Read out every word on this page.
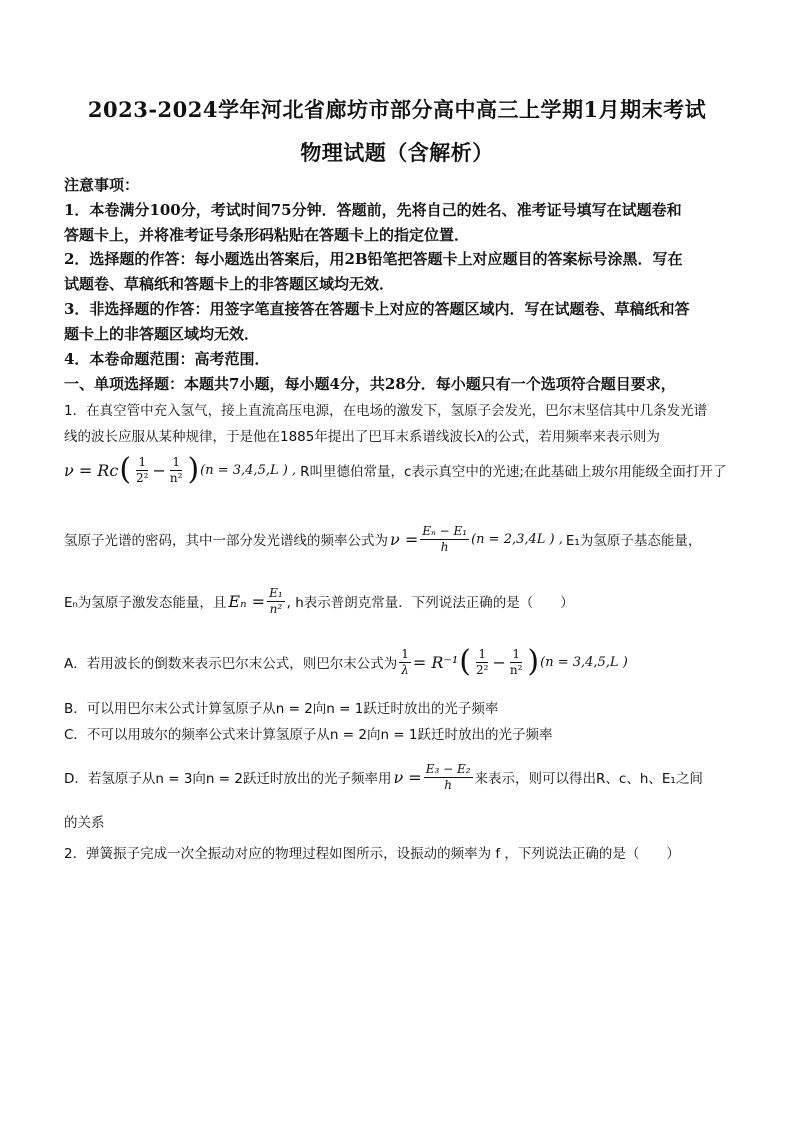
2023-2024学年河北省廊坊市部分高中高三上学期1月期末考试
物理试题（含解析）
注意事项：
1．本卷满分100分，考试时间75分钟．答题前，先将自己的姓名、准考证号填写在试题卷和
答题卡上，并将准考证号条形码粘贴在答题卡上的指定位置．
2．选择题的作答：每小题选出答案后，用2B铅笔把答题卡上对应题目的答案标号涂黑．写在
试题卷、草稿纸和答题卡上的非答题区域均无效．
3．非选择题的作答：用签字笔直接答在答题卡上对应的答题区域内．写在试题卷、草稿纸和答
题卡上的非答题区域均无效．
4．本卷命题范围：高考范围．
一、单项选择题：本题共7小题，每小题4分，共28分．每小题只有一个选项符合题目要求，
1．在真空管中充入氢气，接上直流高压电源，在电场的激发下，氢原子会发光，巴尔末坚信其中几条发光谱
线的波长应服从某种规律，于是他在1885年提出了巴耳末系谱线波长λ的公式，若用频率来表示则为
ν = Rc ( $\frac{1}{\text{2²}} - \frac{1}{\text{n²}}$ ) (n = 3,4,5,L ) , R叫里德伯常量，c表示真空中的光速;在此基础上玻尔用能级全面打开了
氢原子光谱的密码，其中一部分发光谱线的频率公式为 $\nu = \frac{\text{Eₙ − E₁}}{h} (n = 2,3,4L$ ) , E₁为氢原子基态能量，
Eₙ为氢原子激发态能量，且 $E_n = \frac{\text{E₁}}{\text{n²}}$ , h表示普朗克常量．下列说法正确的是（　　）
A．若用波长的倒数来表示巴尔末公式，则巴尔末公式为 $\frac{1}{\lambda} = R^{-1}$ ( $\frac{1}{\text{2²}} - \frac{1}{\text{n²}}$ ) (n = 3,4,5,L )
B．可以用巴尔末公式计算氢原子从n = 2向n = 1跃迁时放出的光子频率
C．不可以用玻尔的频率公式来计算氢原子从n = 2向n = 1跃迁时放出的光子频率
D．若氢原子从n = 3向n = 2跃迁时放出的光子频率用 $\nu = \frac{\text{E₃ − E₂}}{h}$ 来表示，则可以得出R、c、h、E₁之间
的关系
2．弹簧振子完成一次全振动对应的物理过程如图所示，设振动的频率为 f ，下列说法正确的是（　　）
